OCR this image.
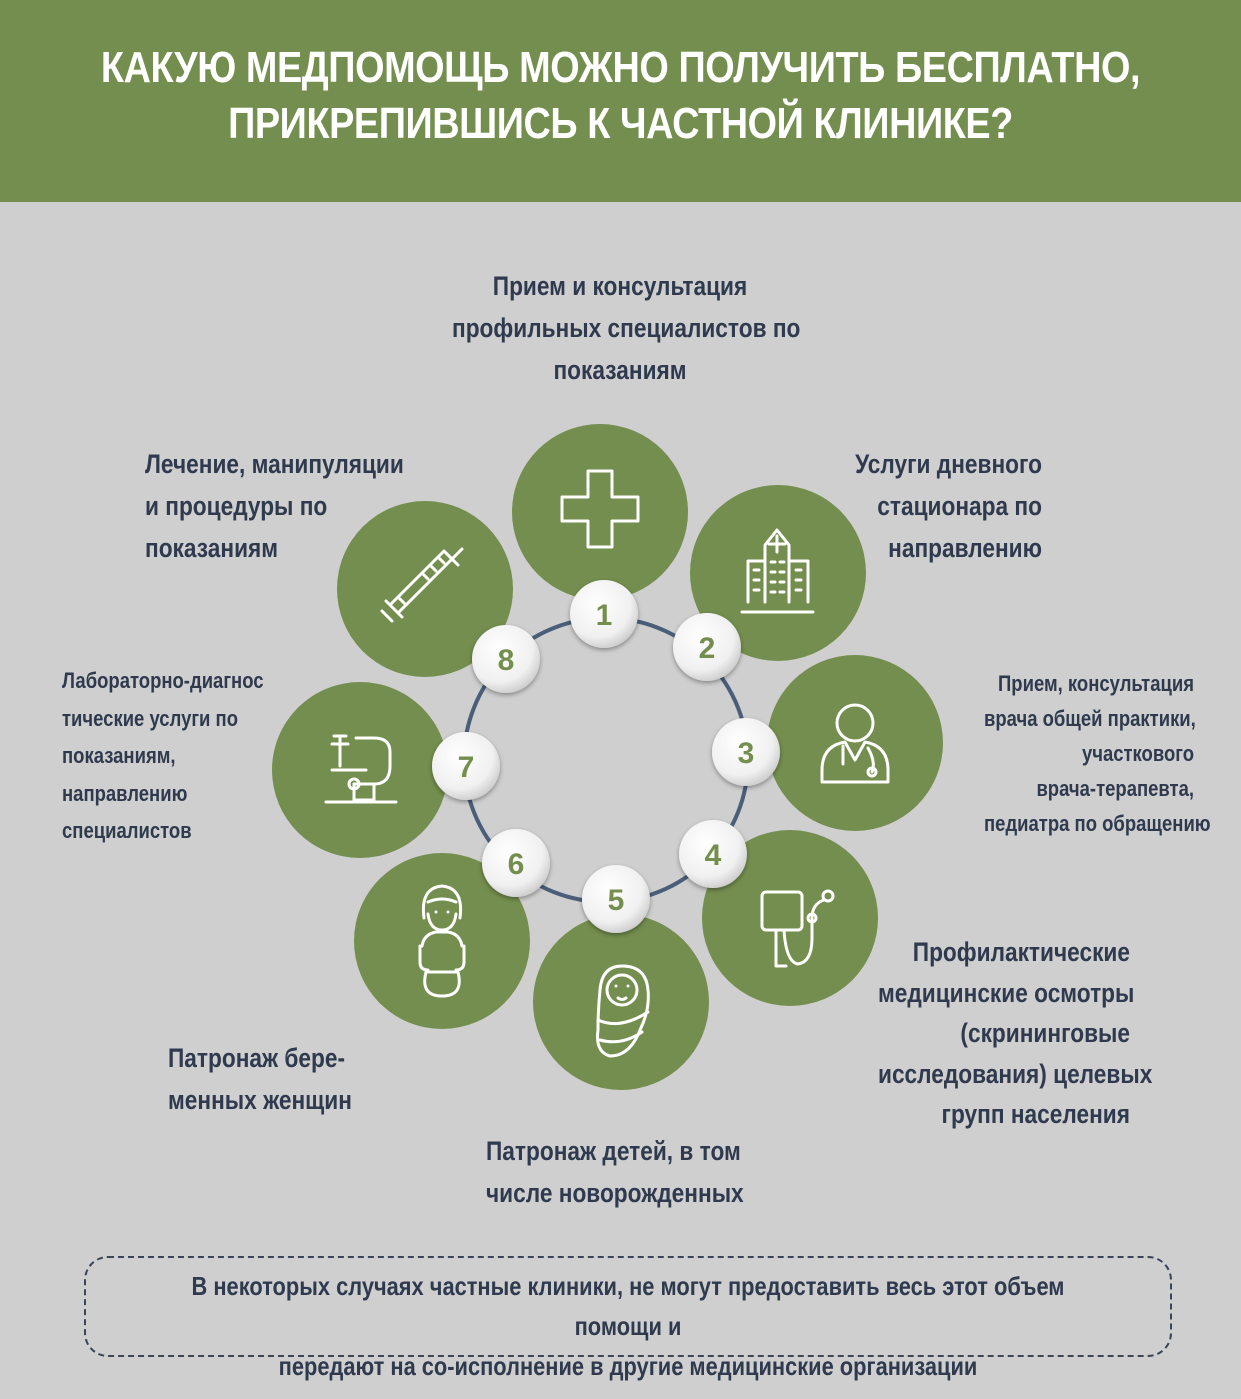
КАКУЮ МЕДПОМОЩЬ МОЖНО ПОЛУЧИТЬ БЕСПЛАТНО,
ПРИКРЕПИВШИСЬ К ЧАСТНОЙ КЛИНИКЕ?
1
2
3
4
5
6
7
8

Прием и консультация
профильных специалистов по
показаниям

Услуги дневного
стационара по
направлению

Прием, консультация
врача общей практики,
участкового
врача-терапевта,
педиатра по обращению

Профилактические
медицинские осмотры
(скрининговые
исследования) целевых
групп населения

Патронаж детей, в том
числе новорожденных

Патронаж бере-
менных женщин

Лабораторно-диагнос
тические услуги по
показаниям,
направлению
специалистов

Лечение, манипуляции
и процедуры по
показаниям

В некоторых случаях частные клиники, не могут предоставить весь этот объем помощи и
передают на со-исполнение в другие медицинские организации
